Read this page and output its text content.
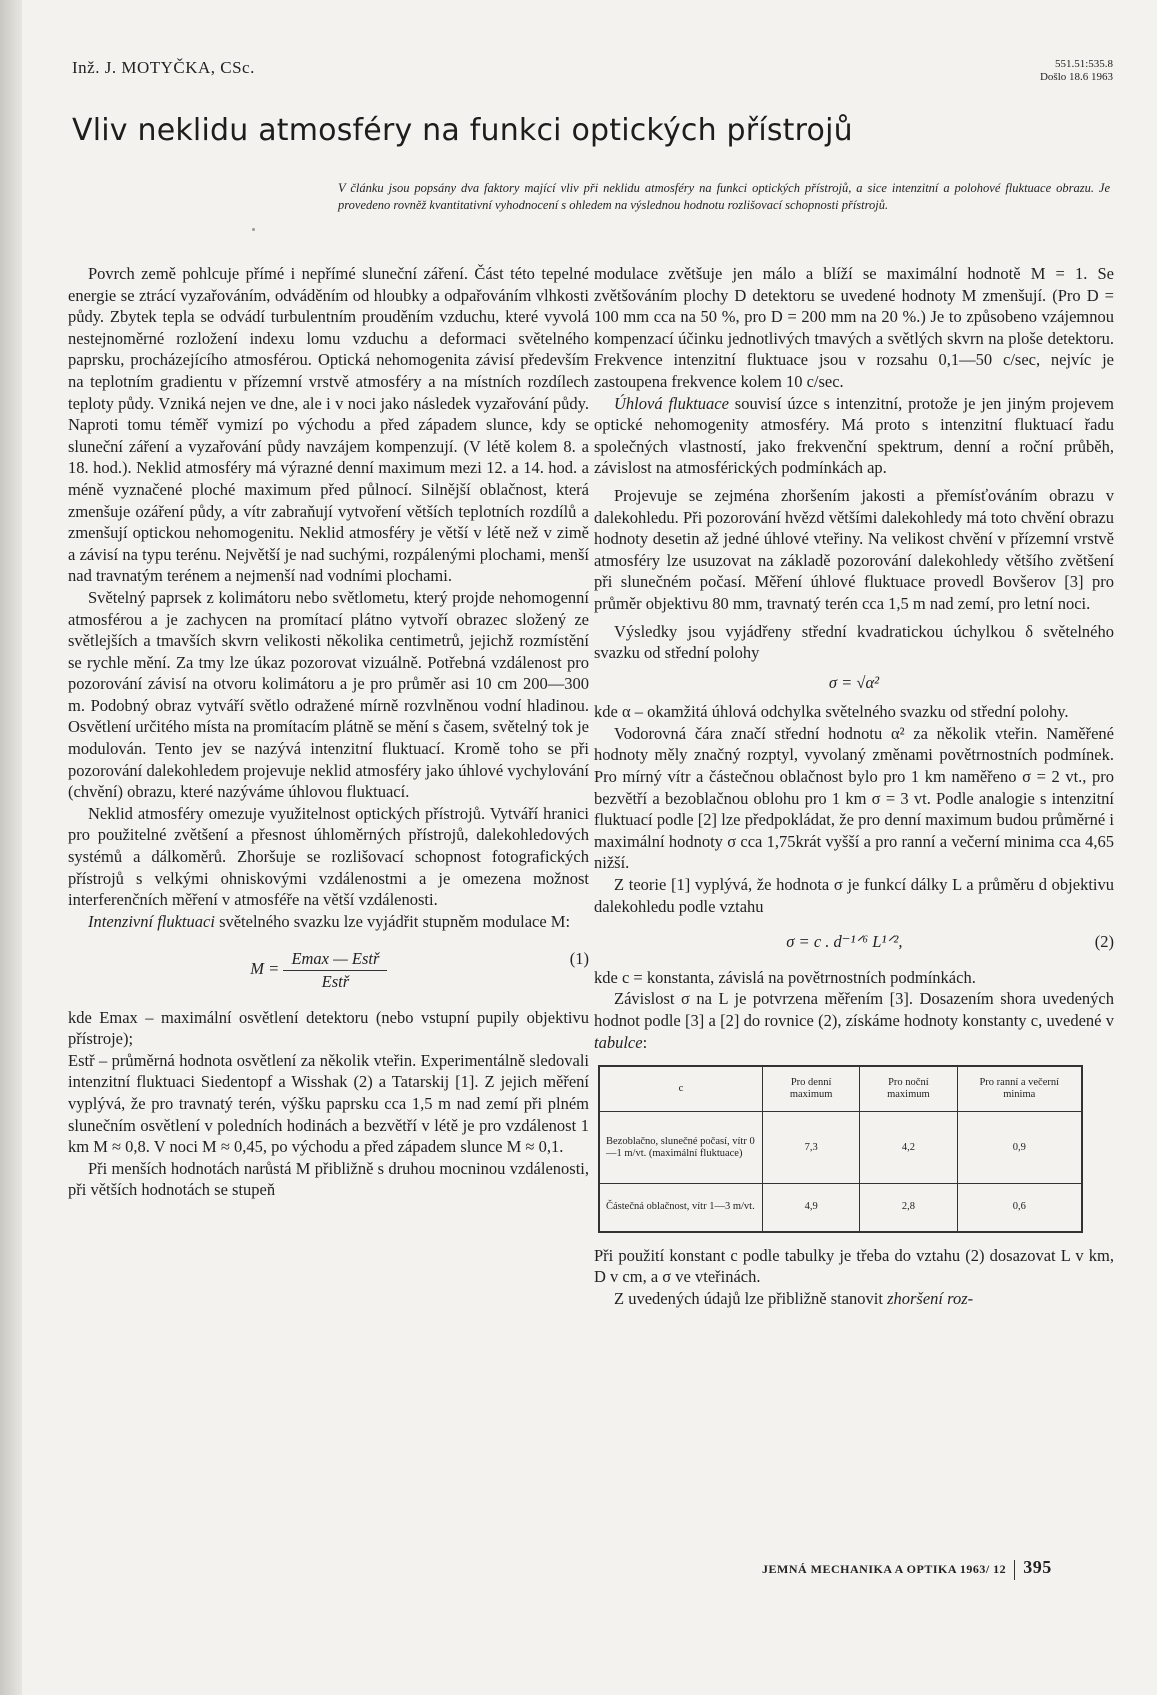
Inž. J. MOTYČKA, CSc.	551.51:535.8
Došlo 18.6 1963
Vliv neklidu atmosféry na funkci optických přístrojů
V článku jsou popsány dva faktory mající vliv při neklidu atmosféry na funkci optických přístrojů, a sice intenzitní a polohové fluktuace obrazu. Je provedeno rovněž kvantitativní vyhodnocení s ohledem na výslednou hodnotu rozlišovací schopnosti přístrojů.

Povrch země pohlcuje přímé i nepřímé sluneční záření. Část této tepelné energie se ztrácí vyzařováním, odváděním od hloubky a odpařováním vlhkosti půdy. Zbytek tepla se odvádí turbulentním prouděním vzduchu, které vyvolá nestejnoměrné rozložení indexu lomu vzduchu a deformaci světelného paprsku, procházejícího atmosférou. Optická nehomogenita závisí především na teplotním gradientu v přízemní vrstvě atmosféry a na místních rozdílech teploty půdy. Vzniká nejen ve dne, ale i v noci jako následek vyzařování půdy. Naproti tomu téměř vymizí po východu a před západem slunce, kdy se sluneční záření a vyzařování půdy navzájem kompenzují. (V létě kolem 8. a 18. hod.). Neklid atmosféry má výrazné denní maximum mezi 12. a 14. hod. a méně vyznačené ploché maximum před půlnocí. Silnější oblačnost, která zmenšuje ozáření půdy, a vítr zabraňují vytvoření větších teplotních rozdílů a zmenšují optickou nehomogenitu. Neklid atmosféry je větší v létě než v zimě a závisí na typu terénu. Největší je nad suchými, rozpálenými plochami, menší nad travnatým terénem a nejmenší nad vodními plochami.

Světelný paprsek z kolimátoru nebo světlometu, který projde nehomogenní atmosférou a je zachycen na promítací plátno vytvoří obrazec složený ze světlejších a tmavších skvrn velikosti několika centimetrů, jejichž rozmístění se rychle mění. Za tmy lze úkaz pozorovat vizuálně. Potřebná vzdálenost pro pozorování závisí na otvoru kolimátoru a je pro průměr asi 10 cm 200—300 m. Podobný obraz vytváří světlo odražené mírně rozvlněnou vodní hladinou. Osvětlení určitého místa na promítacím plátně se mění s časem, světelný tok je modulován. Tento jev se nazývá intenzitní fluktuací. Kromě toho se při pozorování dalekohledem projevuje neklid atmosféry jako úhlové vychylování (chvění) obrazu, které nazýváme úhlovou fluktuací.

Neklid atmosféry omezuje využitelnost optických přístrojů. Vytváří hranici pro použitelné zvětšení a přesnost úhloměrných přístrojů, dalekohledových systémů a dálkoměrů. Zhoršuje se rozlišovací schopnost fotografických přístrojů s velkými ohniskovými vzdálenostmi a je omezena možnost interferenčních měření v atmosféře na větší vzdálenosti.

Intenzivní fluktuaci světelného svazku lze vyjádřit stupněm modulace M:

$M = \frac{\text{Emax — Estř}}{\text{Estř}}$	(1)

kde Emax – maximální osvětlení detektoru (nebo vstupní pupily objektivu přístroje);

Estř – průměrná hodnota osvětlení za několik vteřin. Experimentálně sledovali intenzitní fluktuaci Siedentopf a Wisshak (2) a Tatarskij [1]. Z jejich měření vyplývá, že pro travnatý terén, výšku paprsku cca 1,5 m nad zemí při plném slunečním osvětlení v poledních hodinách a bezvětří v létě je pro vzdálenost 1 km M ≈ 0,8. V noci M ≈ 0,45, po východu a před západem slunce M ≈ 0,1.

Při menších hodnotách narůstá M přibližně s druhou mocninou vzdálenosti, při větších hodnotách se stupeň

modulace zvětšuje jen málo a blíží se maximální hodnotě M = 1. Se zvětšováním plochy D detektoru se uvedené hodnoty M zmenšují. (Pro D = 100 mm cca na 50 %, pro D = 200 mm na 20 %.) Je to způsobeno vzájemnou kompenzací účinku jednotlivých tmavých a světlých skvrn na ploše detektoru. Frekvence intenzitní fluktuace jsou v rozsahu 0,1—50 c/sec, nejvíc je zastoupena frekvence kolem 10 c/sec.

Úhlová fluktuace souvisí úzce s intenzitní, protože je jen jiným projevem optické nehomogenity atmosféry. Má proto s intenzitní fluktuací řadu společných vlastností, jako frekvenční spektrum, denní a roční průběh, závislost na atmosférických podmínkách ap.

Projevuje se zejména zhoršením jakosti a přemísťováním obrazu v dalekohledu. Při pozorování hvězd většími dalekohledy má toto chvění obrazu hodnoty desetin až jedné úhlové vteřiny. Na velikost chvění v přízemní vrstvě atmosféry lze usuzovat na základě pozorování dalekohledy většího zvětšení při slunečném počasí. Měření úhlové fluktuace provedl Bovšerov [3] pro průměr objektivu 80 mm, travnatý terén cca 1,5 m nad zemí, pro letní noci.

Výsledky jsou vyjádřeny střední kvadratickou úchylkou δ světelného svazku od střední polohy

σ = √α²

kde α – okamžitá úhlová odchylka světelného svazku od střední polohy.

Vodorovná čára značí střední hodnotu α² za několik vteřin. Naměřené hodnoty měly značný rozptyl, vyvolaný změnami povětrnostních podmínek. Pro mírný vítr a částečnou oblačnost bylo pro 1 km naměřeno σ = 2 vt., pro bezvětří a bezoblačnou oblohu pro 1 km σ = 3 vt. Podle analogie s intenzitní fluktuací podle [2] lze předpokládat, že pro denní maximum budou průměrné i maximální hodnoty σ cca 1,75krát vyšší a pro ranní a večerní minima cca 4,65 nižší.

Z teorie [1] vyplývá, že hodnota σ je funkcí dálky L a průměru d objektivu dalekohledu podle vztahu

σ = c . d⁻¹ᐟ⁶ L¹ᐟ²,	(2)

kde c = konstanta, závislá na povětrnostních podmínkách.

Závislost σ na L je potvrzena měřením [3]. Dosazením shora uvedených hodnot podle [3] a [2] do rovnice (2), získáme hodnoty konstanty c, uvedené v tabulce:

c	Pro denní maximum	Pro noční maximum	Pro ranní a večerní minima
Bezoblačno, slunečné počasí, vítr 0—1 m/vt. (maximální fluktuace)	7,3	4,2	0,9
Částečná oblačnost, vítr 1—3 m/vt.	4,9	2,8	0,6

Při použití konstant c podle tabulky je třeba do vztahu (2) dosazovat L v km, D v cm, a σ ve vteřinách.

Z uvedených údajů lze přibližně stanovit zhoršení roz-

JEMNÁ MECHANIKA A OPTIKA 1963/ 12 395
